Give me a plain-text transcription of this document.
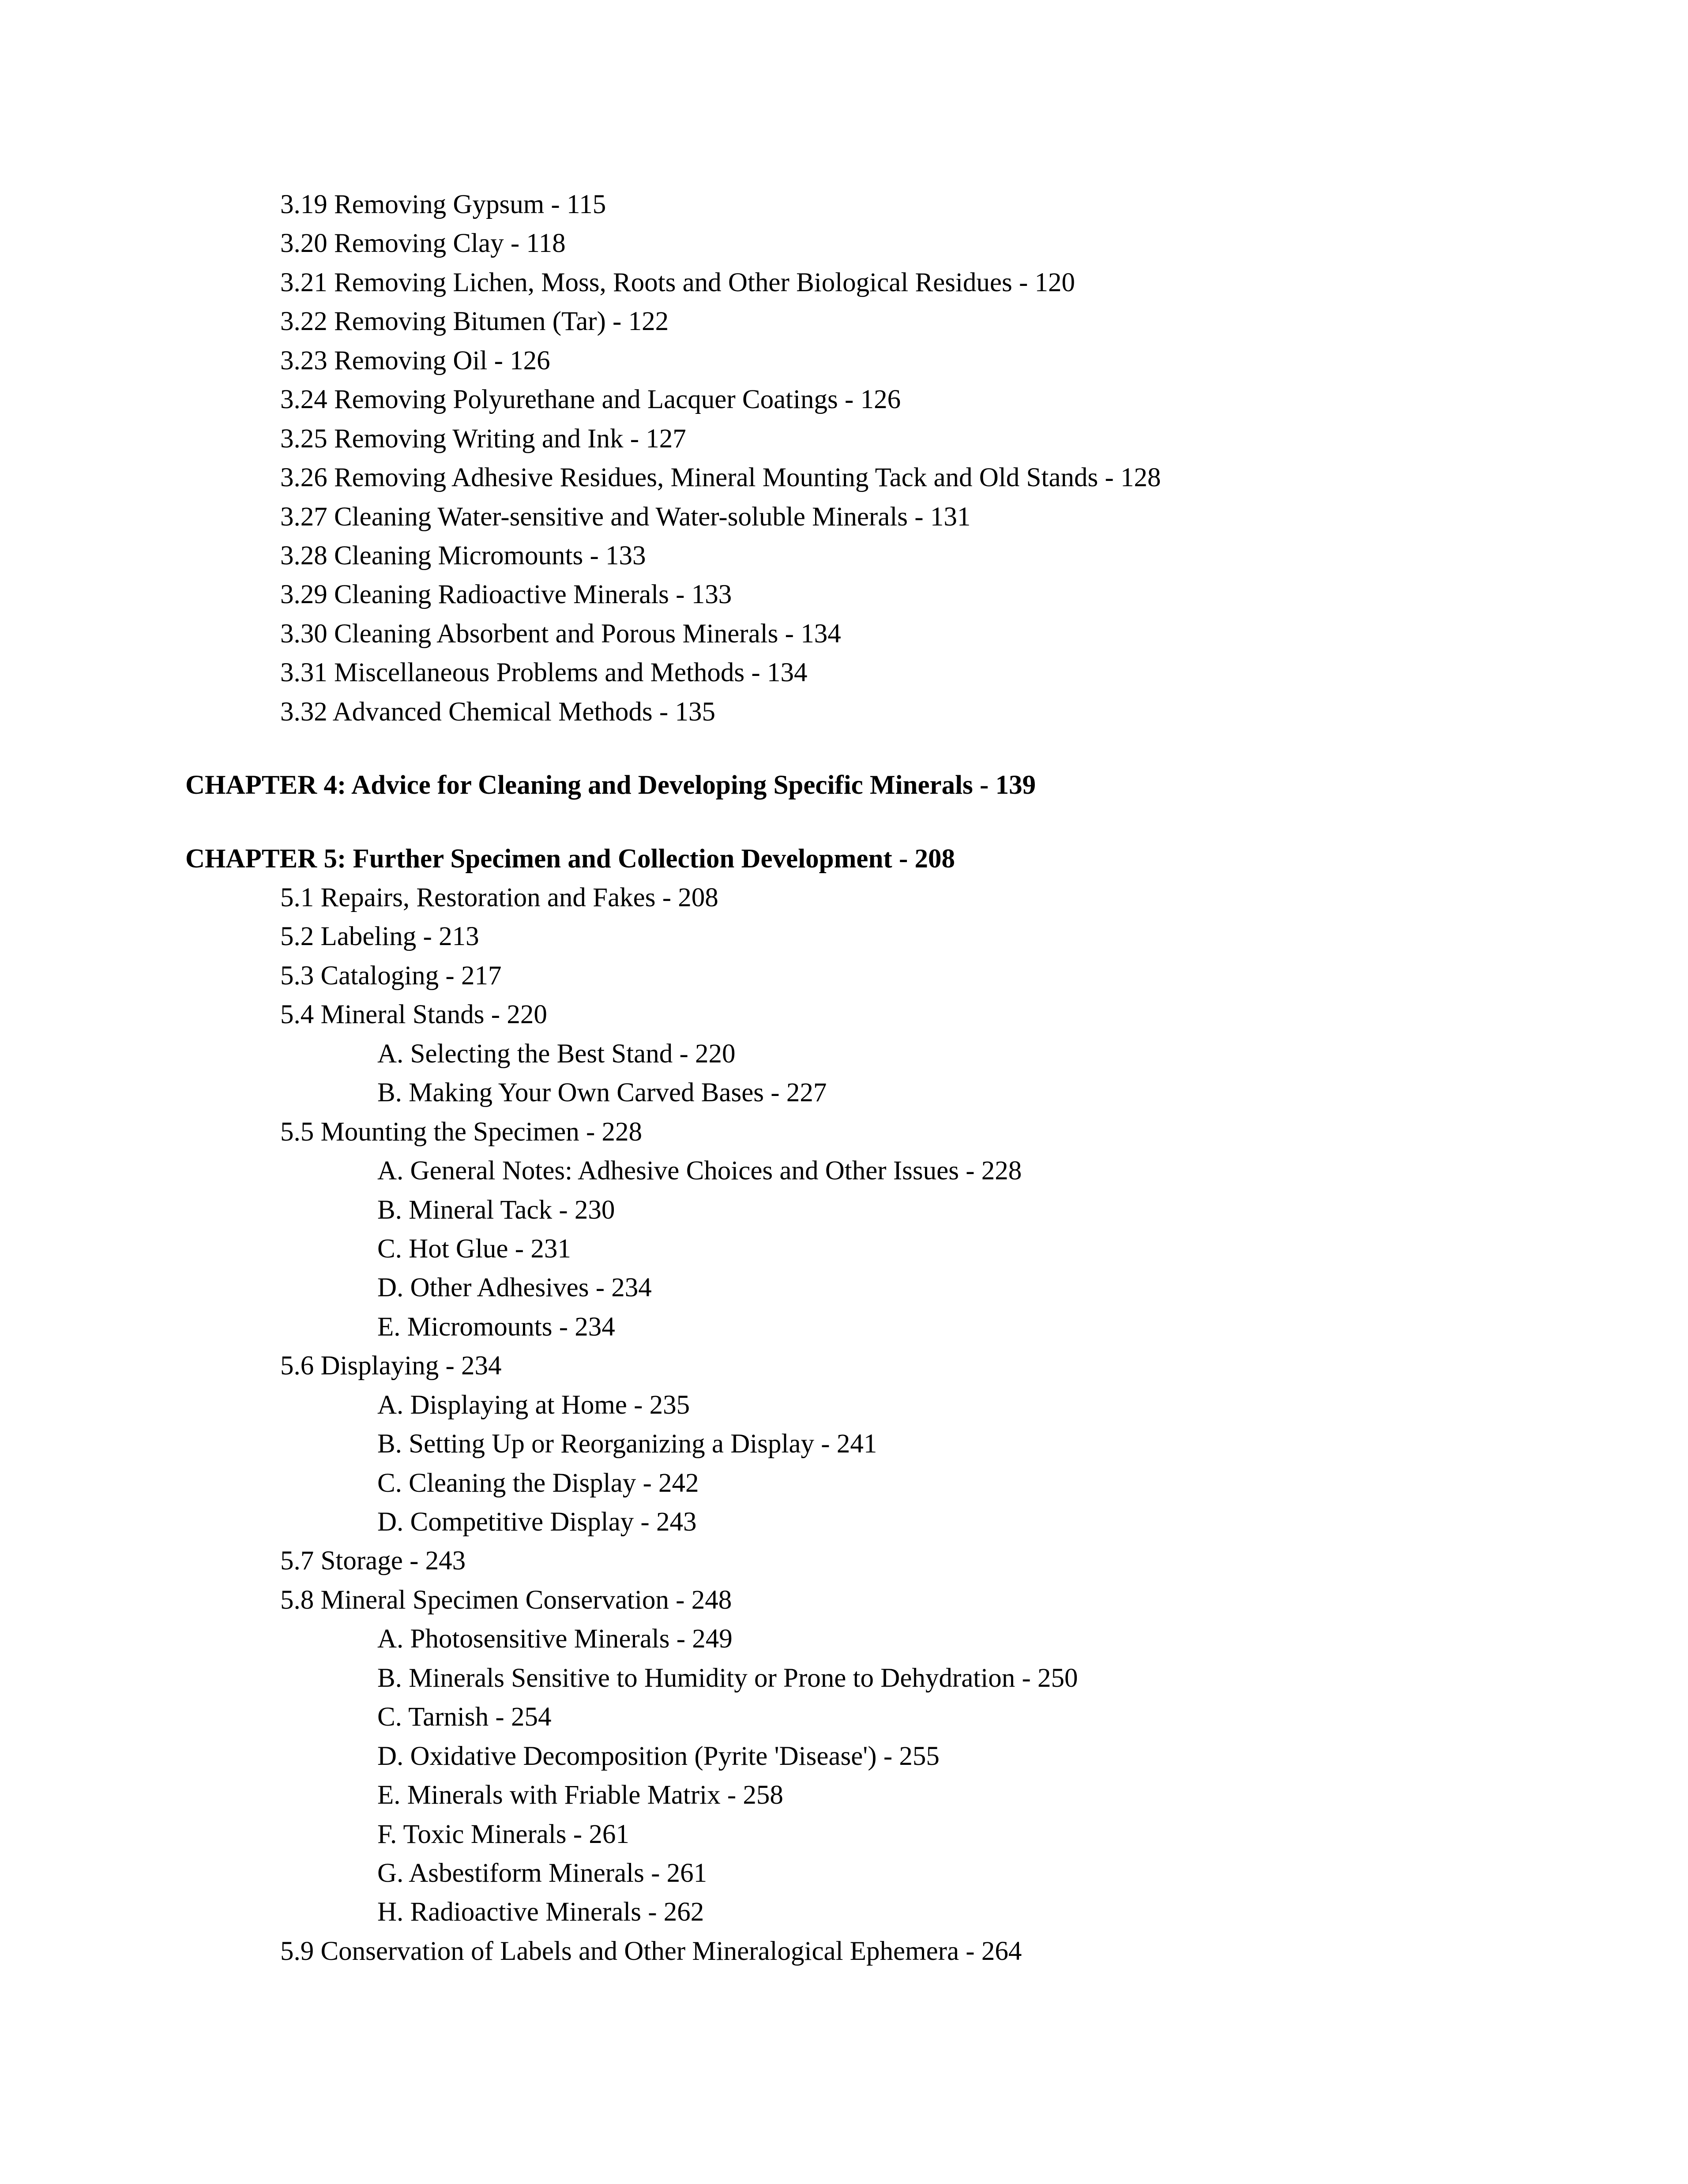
3.19 Removing Gypsum - 115
3.20 Removing Clay - 118
3.21 Removing Lichen, Moss, Roots and Other Biological Residues - 120
3.22 Removing Bitumen (Tar) - 122
3.23 Removing Oil - 126
3.24 Removing Polyurethane and Lacquer Coatings - 126
3.25 Removing Writing and Ink - 127
3.26 Removing Adhesive Residues, Mineral Mounting Tack and Old Stands - 128
3.27 Cleaning Water-sensitive and Water-soluble Minerals - 131
3.28 Cleaning Micromounts - 133
3.29 Cleaning Radioactive Minerals - 133
3.30 Cleaning Absorbent and Porous Minerals - 134
3.31 Miscellaneous Problems and Methods - 134
3.32 Advanced Chemical Methods - 135
CHAPTER 4: Advice for Cleaning and Developing Specific Minerals - 139
CHAPTER 5: Further Specimen and Collection Development - 208
5.1 Repairs, Restoration and Fakes - 208
5.2 Labeling - 213
5.3 Cataloging - 217
5.4 Mineral Stands - 220
A. Selecting the Best Stand - 220
B. Making Your Own Carved Bases - 227
5.5 Mounting the Specimen - 228
A. General Notes: Adhesive Choices and Other Issues - 228
B. Mineral Tack - 230
C. Hot Glue - 231
D. Other Adhesives - 234
E. Micromounts - 234
5.6 Displaying - 234
A. Displaying at Home - 235
B. Setting Up or Reorganizing a Display - 241
C. Cleaning the Display - 242
D. Competitive Display - 243
5.7 Storage - 243
5.8 Mineral Specimen Conservation - 248
A. Photosensitive Minerals - 249
B. Minerals Sensitive to Humidity or Prone to Dehydration - 250
C. Tarnish - 254
D. Oxidative Decomposition (Pyrite 'Disease') - 255
E. Minerals with Friable Matrix - 258
F. Toxic Minerals - 261
G. Asbestiform Minerals - 261
H. Radioactive Minerals - 262
5.9 Conservation of Labels and Other Mineralogical Ephemera - 264
